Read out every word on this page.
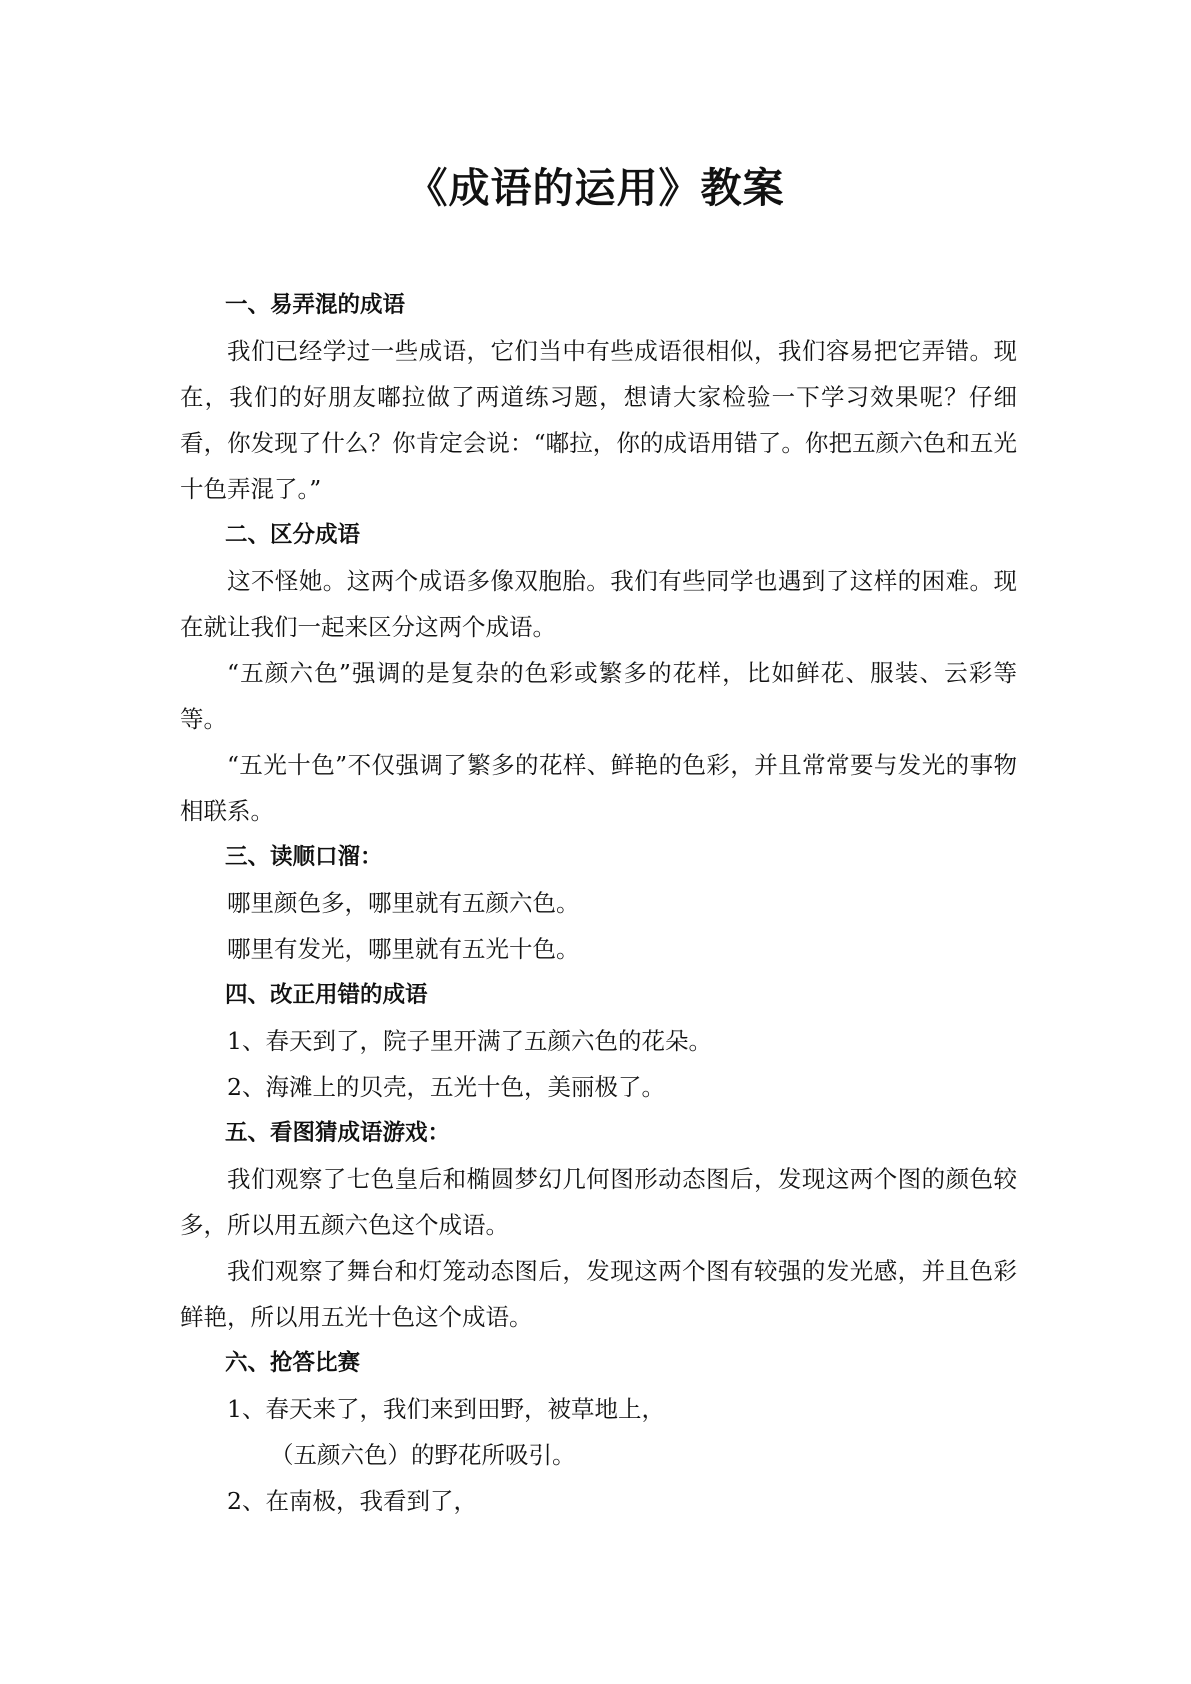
《成语的运用》教案

一、易弄混的成语

我们已经学过一些成语，它们当中有些成语很相似，我们容易把它弄错。现在，我们的好朋友嘟拉做了两道练习题，想请大家检验一下学习效果呢？仔细看，你发现了什么？你肯定会说：“嘟拉，你的成语用错了。你把五颜六色和五光十色弄混了。”

二、区分成语

这不怪她。这两个成语多像双胞胎。我们有些同学也遇到了这样的困难。现在就让我们一起来区分这两个成语。

“五颜六色”强调的是复杂的色彩或繁多的花样，比如鲜花、服装、云彩等等。

“五光十色”不仅强调了繁多的花样、鲜艳的色彩，并且常常要与发光的事物相联系。

三、读顺口溜：

哪里颜色多，哪里就有五颜六色。

哪里有发光，哪里就有五光十色。

四、改正用错的成语

1、春天到了，院子里开满了五颜六色的花朵。

2、海滩上的贝壳，五光十色，美丽极了。

五、看图猜成语游戏：

我们观察了七色皇后和椭圆梦幻几何图形动态图后，发现这两个图的颜色较多，所以用五颜六色这个成语。

我们观察了舞台和灯笼动态图后，发现这两个图有较强的发光感，并且色彩鲜艳，所以用五光十色这个成语。

六、抢答比赛

1、春天来了，我们来到田野，被草地上，

（五颜六色）的野花所吸引。

2、在南极，我看到了，
